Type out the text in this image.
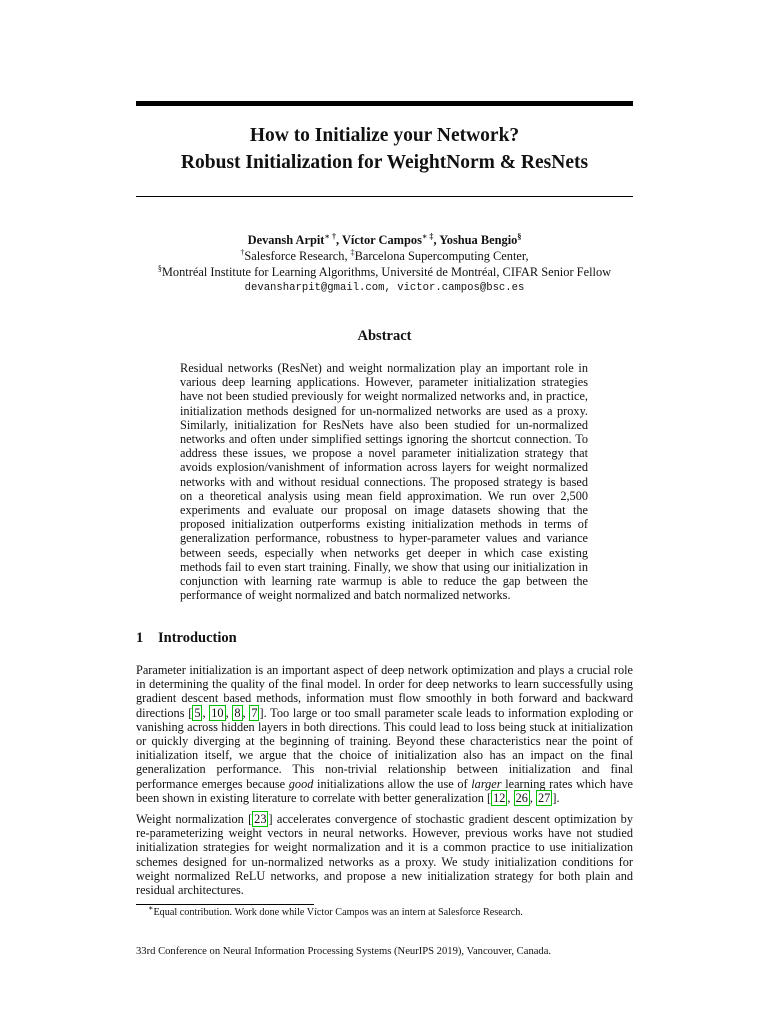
How to Initialize your Network?
Robust Initialization for WeightNorm & ResNets
Devansh Arpit∗ †, Víctor Campos∗ ‡, Yoshua Bengio§
†Salesforce Research, ‡Barcelona Supercomputing Center,
§Montréal Institute for Learning Algorithms, Université de Montréal, CIFAR Senior Fellow
devansharpit@gmail.com, victor.campos@bsc.es
Abstract
Residual networks (ResNet) and weight normalization play an important role in various deep learning applications. However, parameter initialization strategies have not been studied previously for weight normalized networks and, in practice, initialization methods designed for un-normalized networks are used as a proxy. Similarly, initialization for ResNets have also been studied for un-normalized networks and often under simplified settings ignoring the shortcut connection. To address these issues, we propose a novel parameter initialization strategy that avoids explosion/vanishment of information across layers for weight normalized networks with and without residual connections. The proposed strategy is based on a theoretical analysis using mean field approximation. We run over 2,500 experiments and evaluate our proposal on image datasets showing that the proposed initialization outperforms existing initialization methods in terms of generalization performance, robustness to hyper-parameter values and variance between seeds, especially when networks get deeper in which case existing methods fail to even start training. Finally, we show that using our initialization in conjunction with learning rate warmup is able to reduce the gap between the performance of weight normalized and batch normalized networks.
1 Introduction
Parameter initialization is an important aspect of deep network optimization and plays a crucial role in determining the quality of the final model. In order for deep networks to learn successfully using gradient descent based methods, information must flow smoothly in both forward and backward directions [ 5 , 10 , 8 , 7 ]. Too large or too small parameter scale leads to information exploding or vanishing across hidden layers in both directions. This could lead to loss being stuck at initialization or quickly diverging at the beginning of training. Beyond these characteristics near the point of initialization itself, we argue that the choice of initialization also has an impact on the final generalization performance. This non-trivial relationship between initialization and final performance emerges because good initializations allow the use of larger learning rates which have been shown in existing literature to correlate with better generalization [ 12 , 26 , 27 ].
Weight normalization [ 23 ] accelerates convergence of stochastic gradient descent optimization by re-parameterizing weight vectors in neural networks. However, previous works have not studied initialization strategies for weight normalization and it is a common practice to use initialization schemes designed for un-normalized networks as a proxy. We study initialization conditions for weight normalized ReLU networks, and propose a new initialization strategy for both plain and residual architectures.
∗Equal contribution. Work done while Víctor Campos was an intern at Salesforce Research.
33rd Conference on Neural Information Processing Systems (NeurIPS 2019), Vancouver, Canada.
